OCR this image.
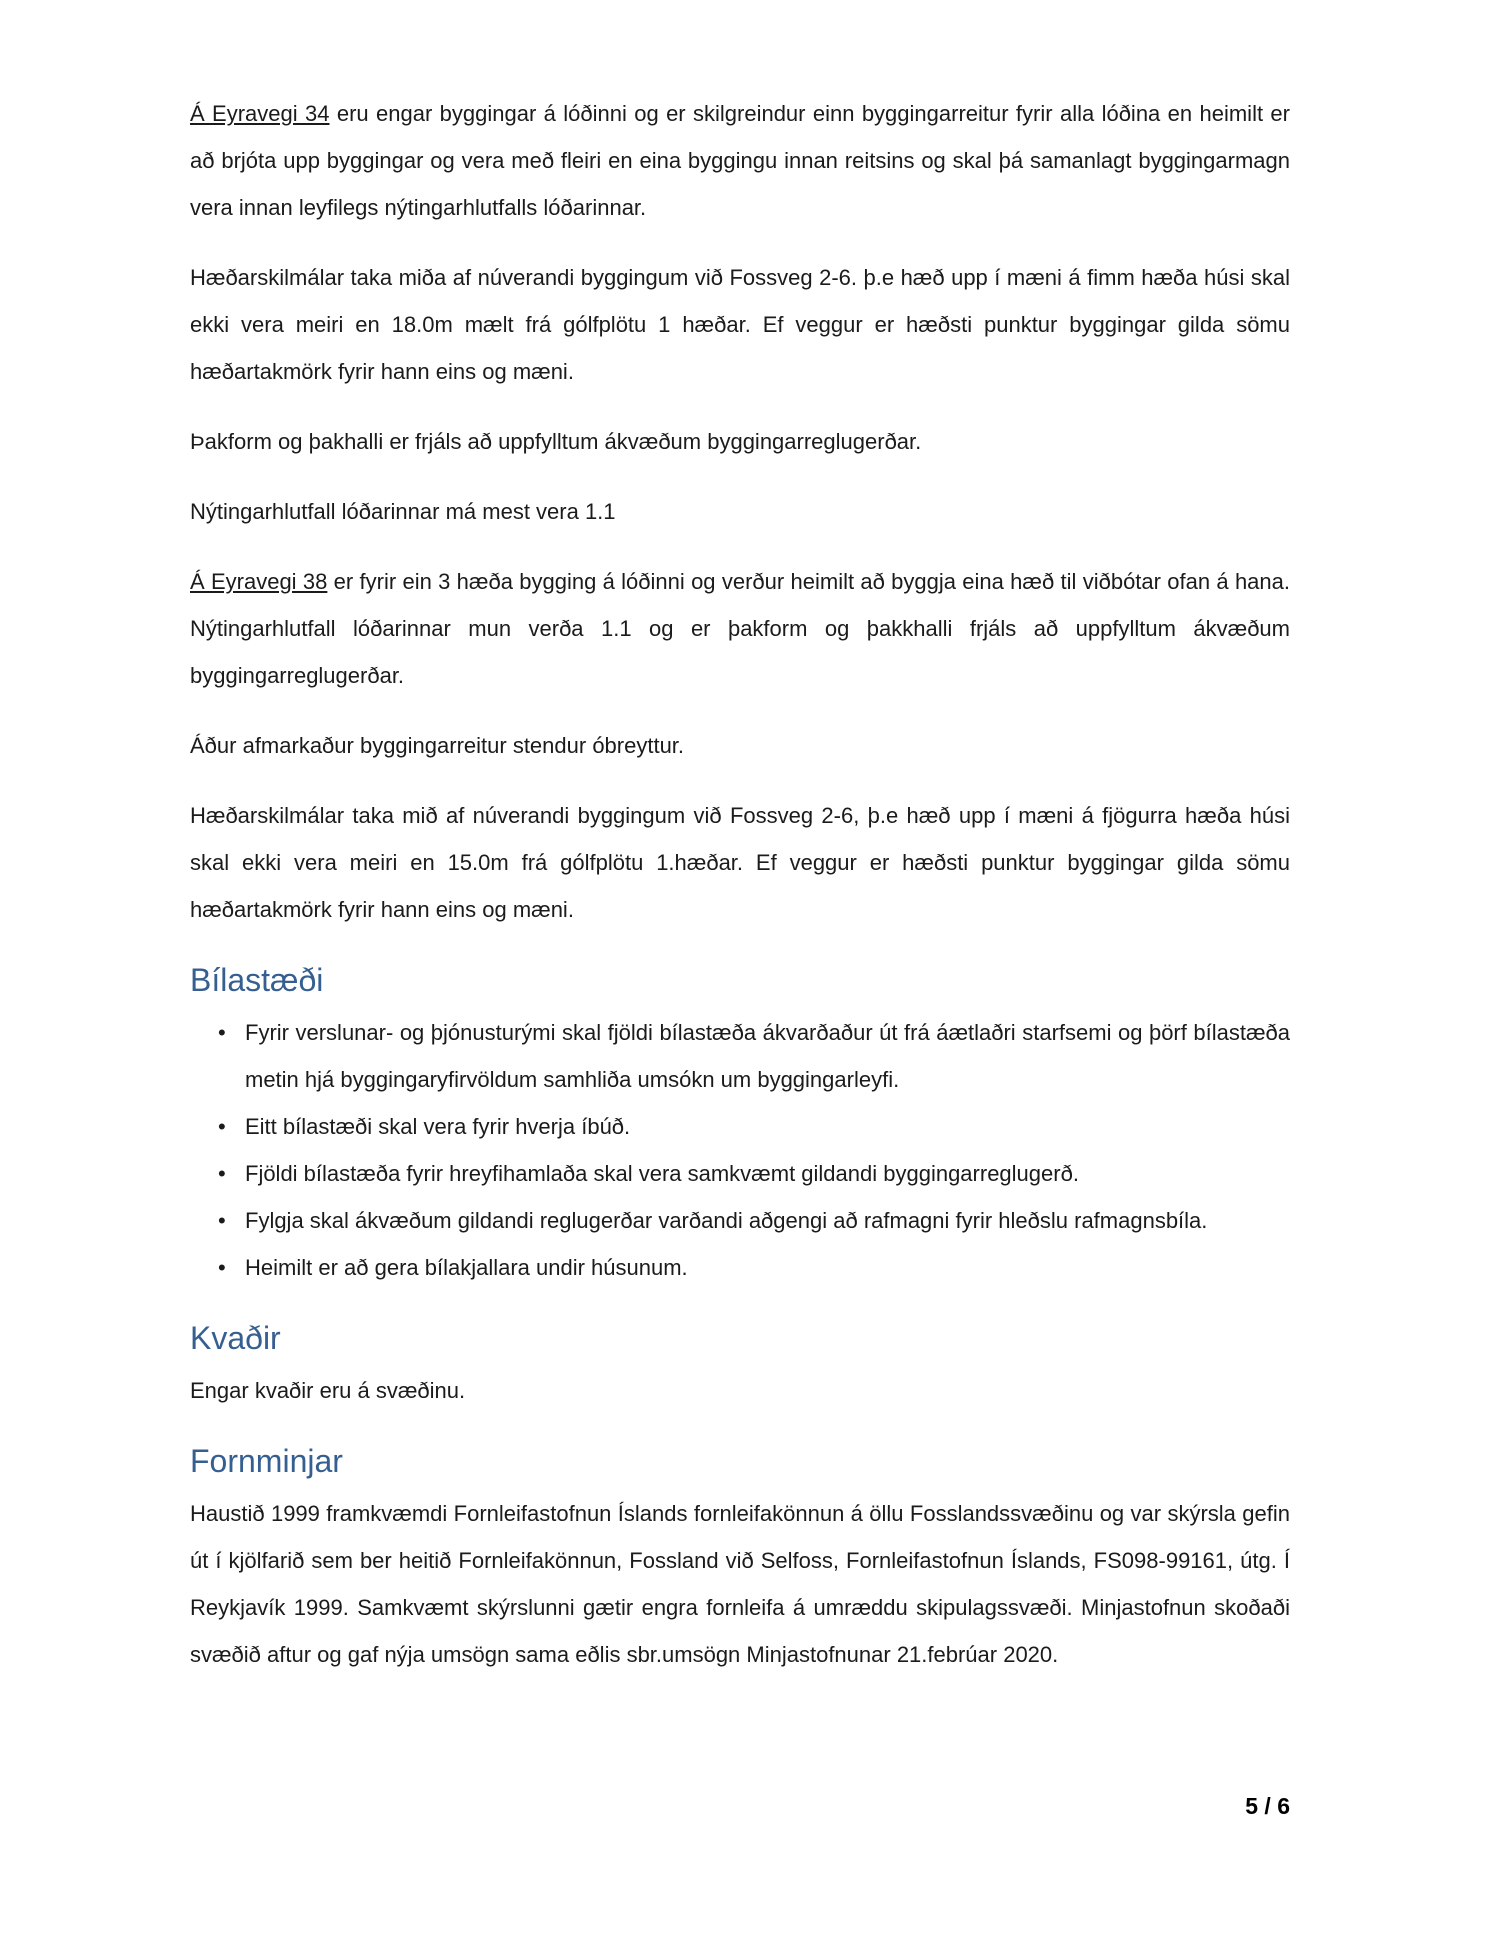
Á Eyravegi 34 eru engar byggingar á lóðinni og er skilgreindur einn byggingarreitur fyrir alla lóðina en heimilt er að brjóta upp byggingar og vera með fleiri en eina byggingu innan reitsins og skal þá samanlagt byggingarmagn vera innan leyfilegs nýtingarhlutfalls lóðarinnar.

Hæðarskilmálar taka miða af núverandi byggingum við Fossveg 2-6. þ.e hæð upp í mæni á fimm hæða húsi skal ekki vera meiri en 18.0m mælt frá gólfplötu 1 hæðar. Ef veggur er hæðsti punktur byggingar gilda sömu hæðartakmörk fyrir hann eins og mæni.

Þakform og þakhalli er frjáls að uppfylltum ákvæðum byggingarreglugerðar.

Nýtingarhlutfall lóðarinnar má mest vera 1.1

Á Eyravegi 38 er fyrir ein 3 hæða bygging á lóðinni og verður heimilt að byggja eina hæð til viðbótar ofan á hana. Nýtingarhlutfall lóðarinnar mun verða 1.1 og er þakform og þakkhalli frjáls að uppfylltum ákvæðum byggingarreglugerðar.

Áður afmarkaður byggingarreitur stendur óbreyttur.

Hæðarskilmálar taka mið af núverandi byggingum við Fossveg 2-6, þ.e hæð upp í mæni á fjögurra hæða húsi skal ekki vera meiri en 15.0m frá gólfplötu 1.hæðar. Ef veggur er hæðsti punktur byggingar gilda sömu hæðartakmörk fyrir hann eins og mæni.

Bílastæði
• Fyrir verslunar- og þjónusturými skal fjöldi bílastæða ákvarðaður út frá áætlaðri starfsemi og þörf bílastæða metin hjá byggingaryfirvöldum samhliða umsókn um byggingarleyfi.
• Eitt bílastæði skal vera fyrir hverja íbúð.
• Fjöldi bílastæða fyrir hreyfihamlaða skal vera samkvæmt gildandi byggingarreglugerð.
• Fylgja skal ákvæðum gildandi reglugerðar varðandi aðgengi að rafmagni fyrir hleðslu rafmagnsbíla.
• Heimilt er að gera bílakjallara undir húsunum.
Kvaðir

Engar kvaðir eru á svæðinu.

Fornminjar

Haustið 1999 framkvæmdi Fornleifastofnun Íslands fornleifakönnun á öllu Fosslandssvæðinu og var skýrsla gefin út í kjölfarið sem ber heitið Fornleifakönnun, Fossland við Selfoss, Fornleifastofnun Íslands, FS098-99161, útg. Í Reykjavík 1999. Samkvæmt skýrslunni gætir engra fornleifa á umræddu skipulagssvæði. Minjastofnun skoðaði svæðið aftur og gaf nýja umsögn sama eðlis sbr.umsögn Minjastofnunar 21.febrúar 2020.

5 / 6
